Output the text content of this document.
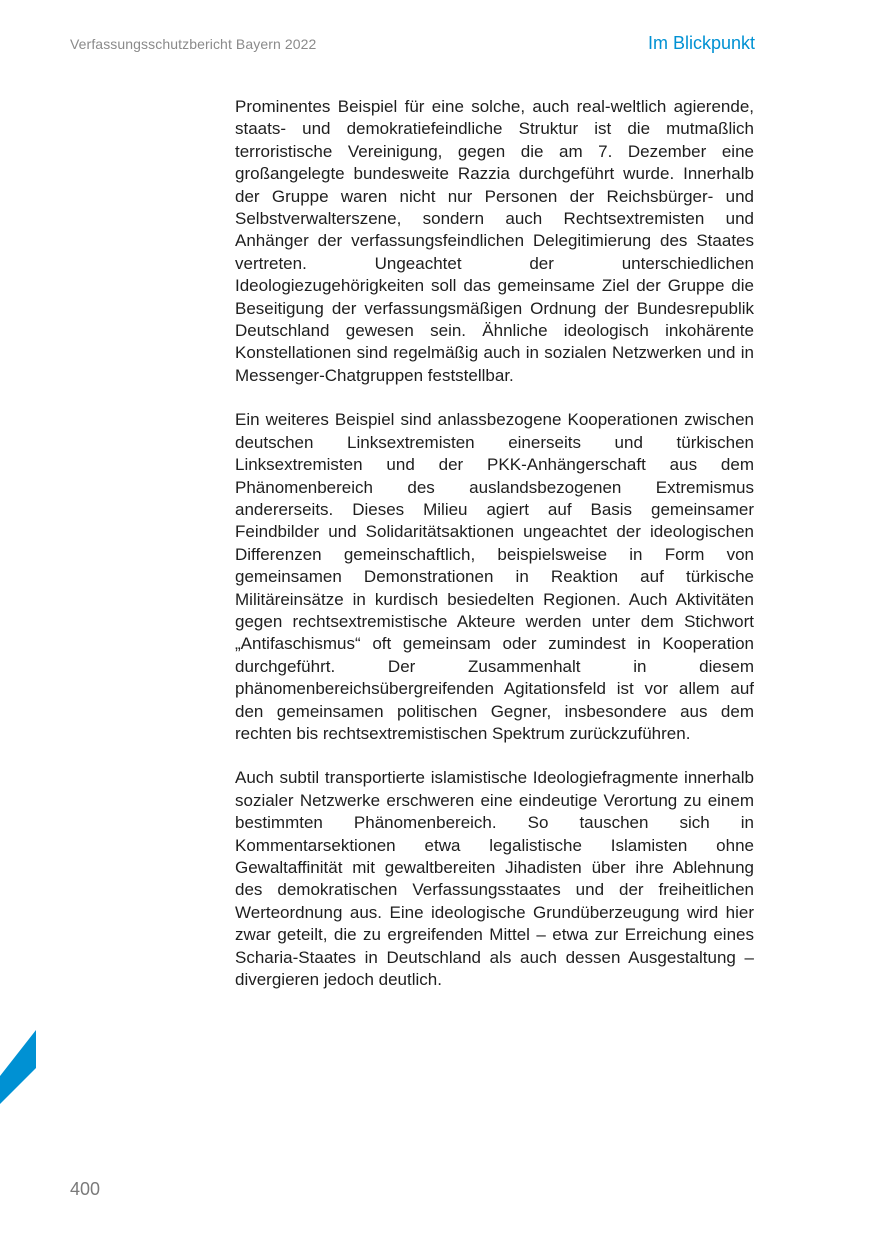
Verfassungsschutzbericht Bayern 2022	Im Blickpunkt

Prominentes Beispiel für eine solche, auch real-weltlich agierende, staats- und demokratiefeindliche Struktur ist die mutmaßlich terroristische Vereinigung, gegen die am 7. Dezember eine großangelegte bundesweite Razzia durchgeführt wurde. Innerhalb der Gruppe waren nicht nur Personen der Reichsbürger- und Selbstverwalterszene, sondern auch Rechtsextremisten und Anhänger der verfassungsfeindlichen Delegitimierung des Staates vertreten. Ungeachtet der unterschiedlichen Ideologiezugehörigkeiten soll das gemeinsame Ziel der Gruppe die Beseitigung der verfassungsmäßigen Ordnung der Bundesrepublik Deutschland gewesen sein. Ähnliche ideologisch inkohärente Konstellationen sind regelmäßig auch in sozialen Netzwerken und in Messenger-Chatgruppen feststellbar.

Ein weiteres Beispiel sind anlassbezogene Kooperationen zwischen deutschen Linksextremisten einerseits und türkischen Linksextremisten und der PKK-Anhängerschaft aus dem Phänomenbereich des auslandsbezogenen Extremismus andererseits. Dieses Milieu agiert auf Basis gemeinsamer Feindbilder und Solidaritätsaktionen ungeachtet der ideologischen Differenzen gemeinschaftlich, beispielsweise in Form von gemeinsamen Demonstrationen in Reaktion auf türkische Militäreinsätze in kurdisch besiedelten Regionen. Auch Aktivitäten gegen rechtsextremistische Akteure werden unter dem Stichwort „Antifaschismus“ oft gemeinsam oder zumindest in Kooperation durchgeführt. Der Zusammenhalt in diesem phänomenbereichsübergreifenden Agitationsfeld ist vor allem auf den gemeinsamen politischen Gegner, insbesondere aus dem rechten bis rechtsextremistischen Spektrum zurückzuführen.

Auch subtil transportierte islamistische Ideologiefragmente innerhalb sozialer Netzwerke erschweren eine eindeutige Verortung zu einem bestimmten Phänomenbereich. So tauschen sich in Kommentarsektionen etwa legalistische Islamisten ohne Gewaltaffinität mit gewaltbereiten Jihadisten über ihre Ablehnung des demokratischen Verfassungsstaates und der freiheitlichen Werteordnung aus. Eine ideologische Grundüberzeugung wird hier zwar geteilt, die zu ergreifenden Mittel – etwa zur Erreichung eines Scharia-Staates in Deutschland als auch dessen Ausgestaltung – divergieren jedoch deutlich.

400
